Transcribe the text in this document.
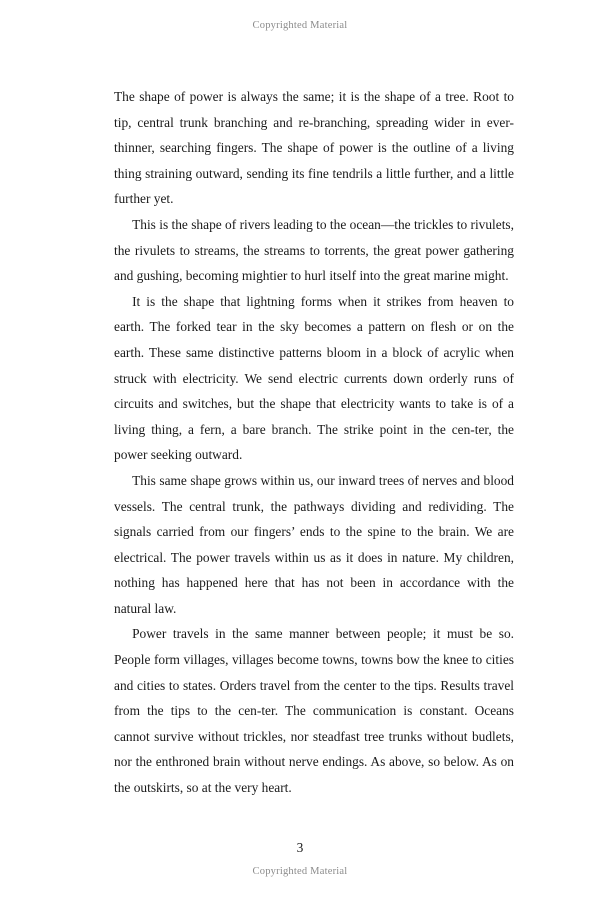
Copyrighted Material

The shape of power is always the same; it is the shape of a tree. Root to tip, central trunk branching and re-branching, spreading wider in ever-thinner, searching fingers. The shape of power is the outline of a living thing straining outward, sending its fine tendrils a little further, and a little further yet.

This is the shape of rivers leading to the ocean—the trickles to rivulets, the rivulets to streams, the streams to torrents, the great power gathering and gushing, becoming mightier to hurl itself into the great marine might.

It is the shape that lightning forms when it strikes from heaven to earth. The forked tear in the sky becomes a pattern on flesh or on the earth. These same distinctive patterns bloom in a block of acrylic when struck with electricity. We send electric currents down orderly runs of circuits and switches, but the shape that electricity wants to take is of a living thing, a fern, a bare branch. The strike point in the cen-ter, the power seeking outward.

This same shape grows within us, our inward trees of nerves and blood vessels. The central trunk, the pathways dividing and redividing. The signals carried from our fingers’ ends to the spine to the brain. We are electrical. The power travels within us as it does in nature. My children, nothing has happened here that has not been in accordance with the natural law.

Power travels in the same manner between people; it must be so. People form villages, villages become towns, towns bow the knee to cities and cities to states. Orders travel from the center to the tips. Results travel from the tips to the cen-ter. The communication is constant. Oceans cannot survive without trickles, nor steadfast tree trunks without budlets, nor the enthroned brain without nerve endings. As above, so below. As on the outskirts, so at the very heart.

3
Copyrighted Material
